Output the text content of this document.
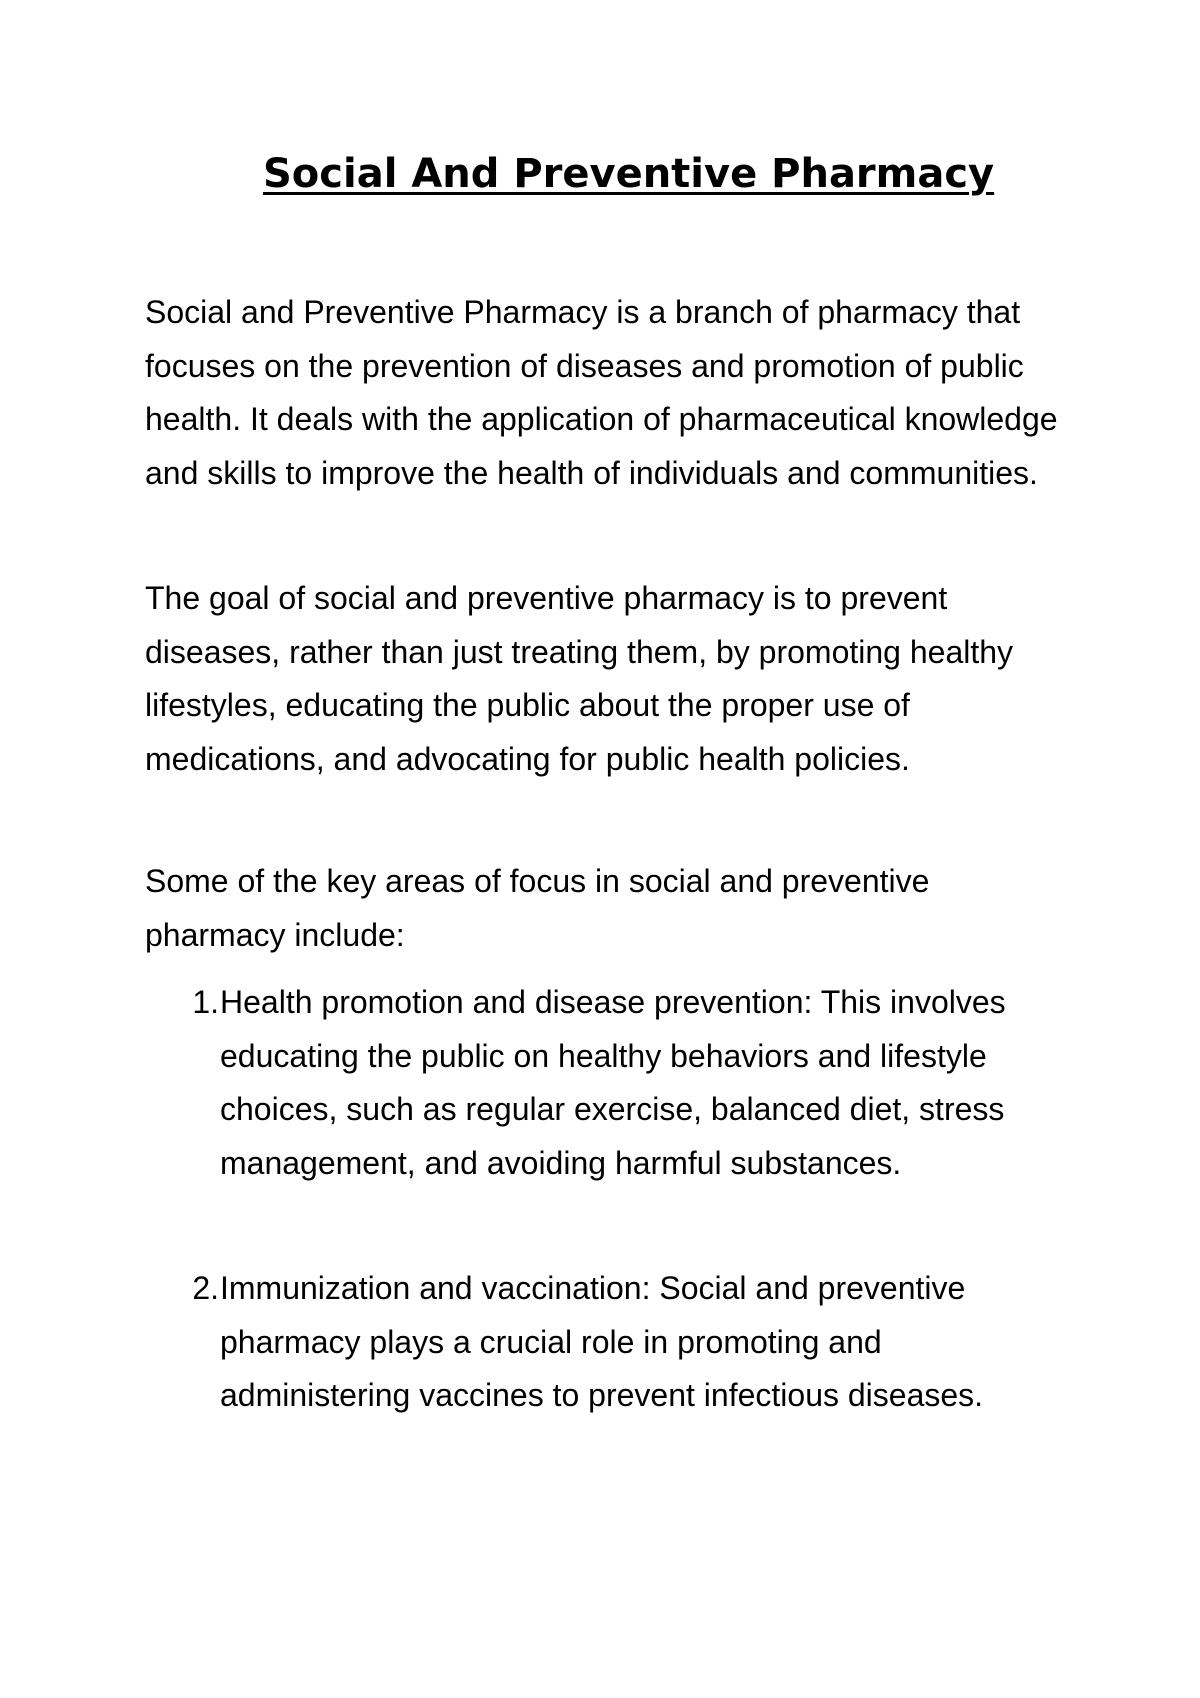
Social And Preventive Pharmacy

Social and Preventive Pharmacy is a branch of pharmacy that focuses on the prevention of diseases and promotion of public health. It deals with the application of pharmaceutical knowledge and skills to improve the health of individuals and communities.

The goal of social and preventive pharmacy is to prevent diseases, rather than just treating them, by promoting healthy lifestyles, educating the public about the proper use of medications, and advocating for public health policies.

Some of the key areas of focus in social and preventive pharmacy include:

1. Health promotion and disease prevention: This involves educating the public on healthy behaviors and lifestyle choices, such as regular exercise, balanced diet, stress management, and avoiding harmful substances.
2. Immunization and vaccination: Social and preventive pharmacy plays a crucial role in promoting and administering vaccines to prevent infectious diseases.
